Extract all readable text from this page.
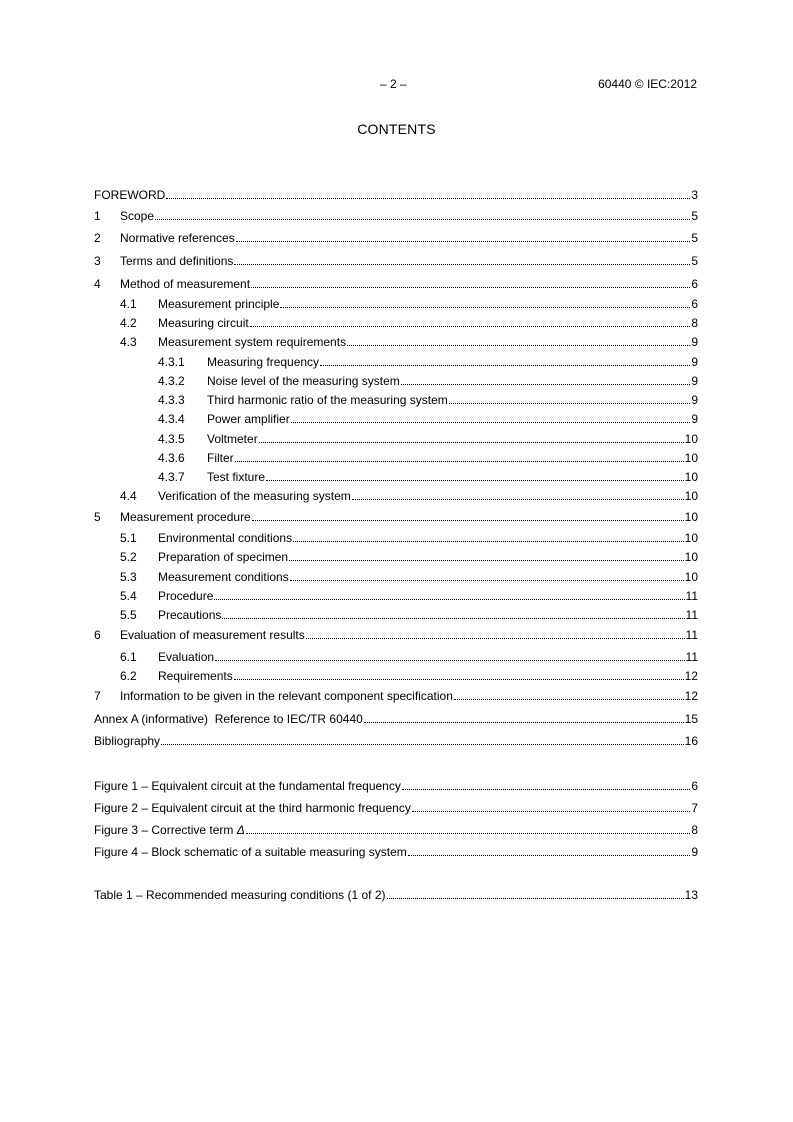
– 2 –	60440 © IEC:2012
CONTENTS
FOREWORD	3
1	Scope	5
2	Normative references	5
3	Terms and definitions	5
4	Method of measurement	6
4.1	Measurement principle	6
4.2	Measuring circuit	8
4.3	Measurement system requirements	9
4.3.1	Measuring frequency	9
4.3.2	Noise level of the measuring system	9
4.3.3	Third harmonic ratio of the measuring system	9
4.3.4	Power amplifier	9
4.3.5	Voltmeter	10
4.3.6	Filter	10
4.3.7	Test fixture	10
4.4	Verification of the measuring system	10
5	Measurement procedure	10
5.1	Environmental conditions	10
5.2	Preparation of specimen	10
5.3	Measurement conditions	10
5.4	Procedure	11
5.5	Precautions	11
6	Evaluation of measurement results	11
6.1	Evaluation	11
6.2	Requirements	12
7	Information to be given in the relevant component specification	12
Annex A (informative)  Reference to IEC/TR 60440	15
Bibliography	16
Figure 1 – Equivalent circuit at the fundamental frequency	6
Figure 2 – Equivalent circuit at the third harmonic frequency	7
Figure 3 – Corrective term Δ	8
Figure 4 – Block schematic of a suitable measuring system	9
Table 1 – Recommended measuring conditions (1 of 2)	13
